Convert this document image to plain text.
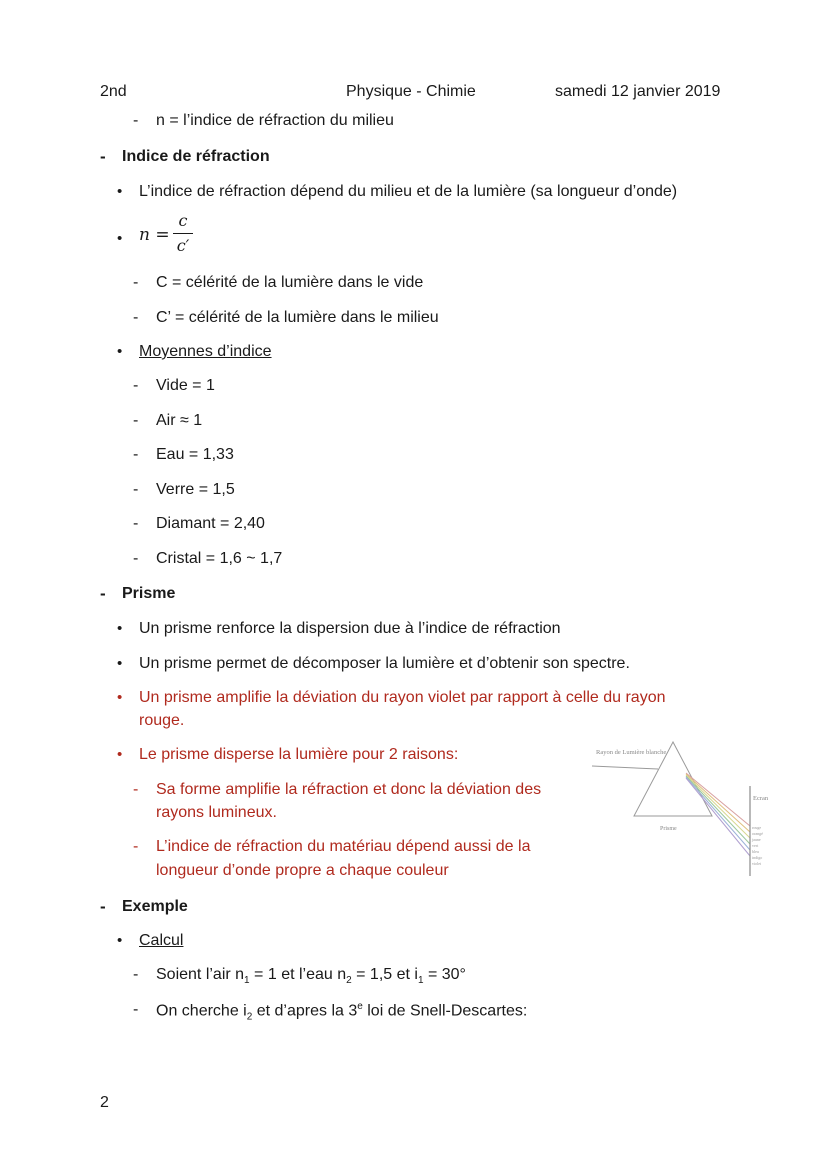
2nd	Physique - Chimie	samedi 12 janvier 2019
- n = l’indice de réfraction du milieu
- Indice de réfraction
• L’indice de réfraction dépend du milieu et de la lumière (sa longueur d’onde)
• n =
c
c′
- C = célérité de la lumière dans le vide
- C’ = célérité de la lumière dans le milieu
• Moyennes d’indice
- Vide = 1
- Air ≈ 1
- Eau = 1,33
- Verre = 1,5
- Diamant = 2,40
- Cristal = 1,6 ~ 1,7
- Prisme
• Un prisme renforce la dispersion due à l’indice de réfraction
• Un prisme permet de décomposer la lumière et d’obtenir son spectre.
• Un prisme amplifie la déviation du rayon violet par rapport à celle du rayon
rouge.
• Le prisme disperse la lumière pour 2 raisons:
- Sa forme amplifie la réfraction et donc la déviation des
rayons lumineux.
- L’indice de réfraction du matériau dépend aussi de la
longueur d’onde propre a chaque couleur
Rayon de Lumière blanche
Prisme
Ecran
rouge
orangé
jaune
vert
bleu
indigo
violet
- Exemple
• Calcul
- Soient l’air $n_1 = 1$ et l’eau $n_2 = 1,5$ et $i_1 = 30^\circ$
- On cherche $i_2$ et d’apres la 3e loi de Snell-Descartes:
2
